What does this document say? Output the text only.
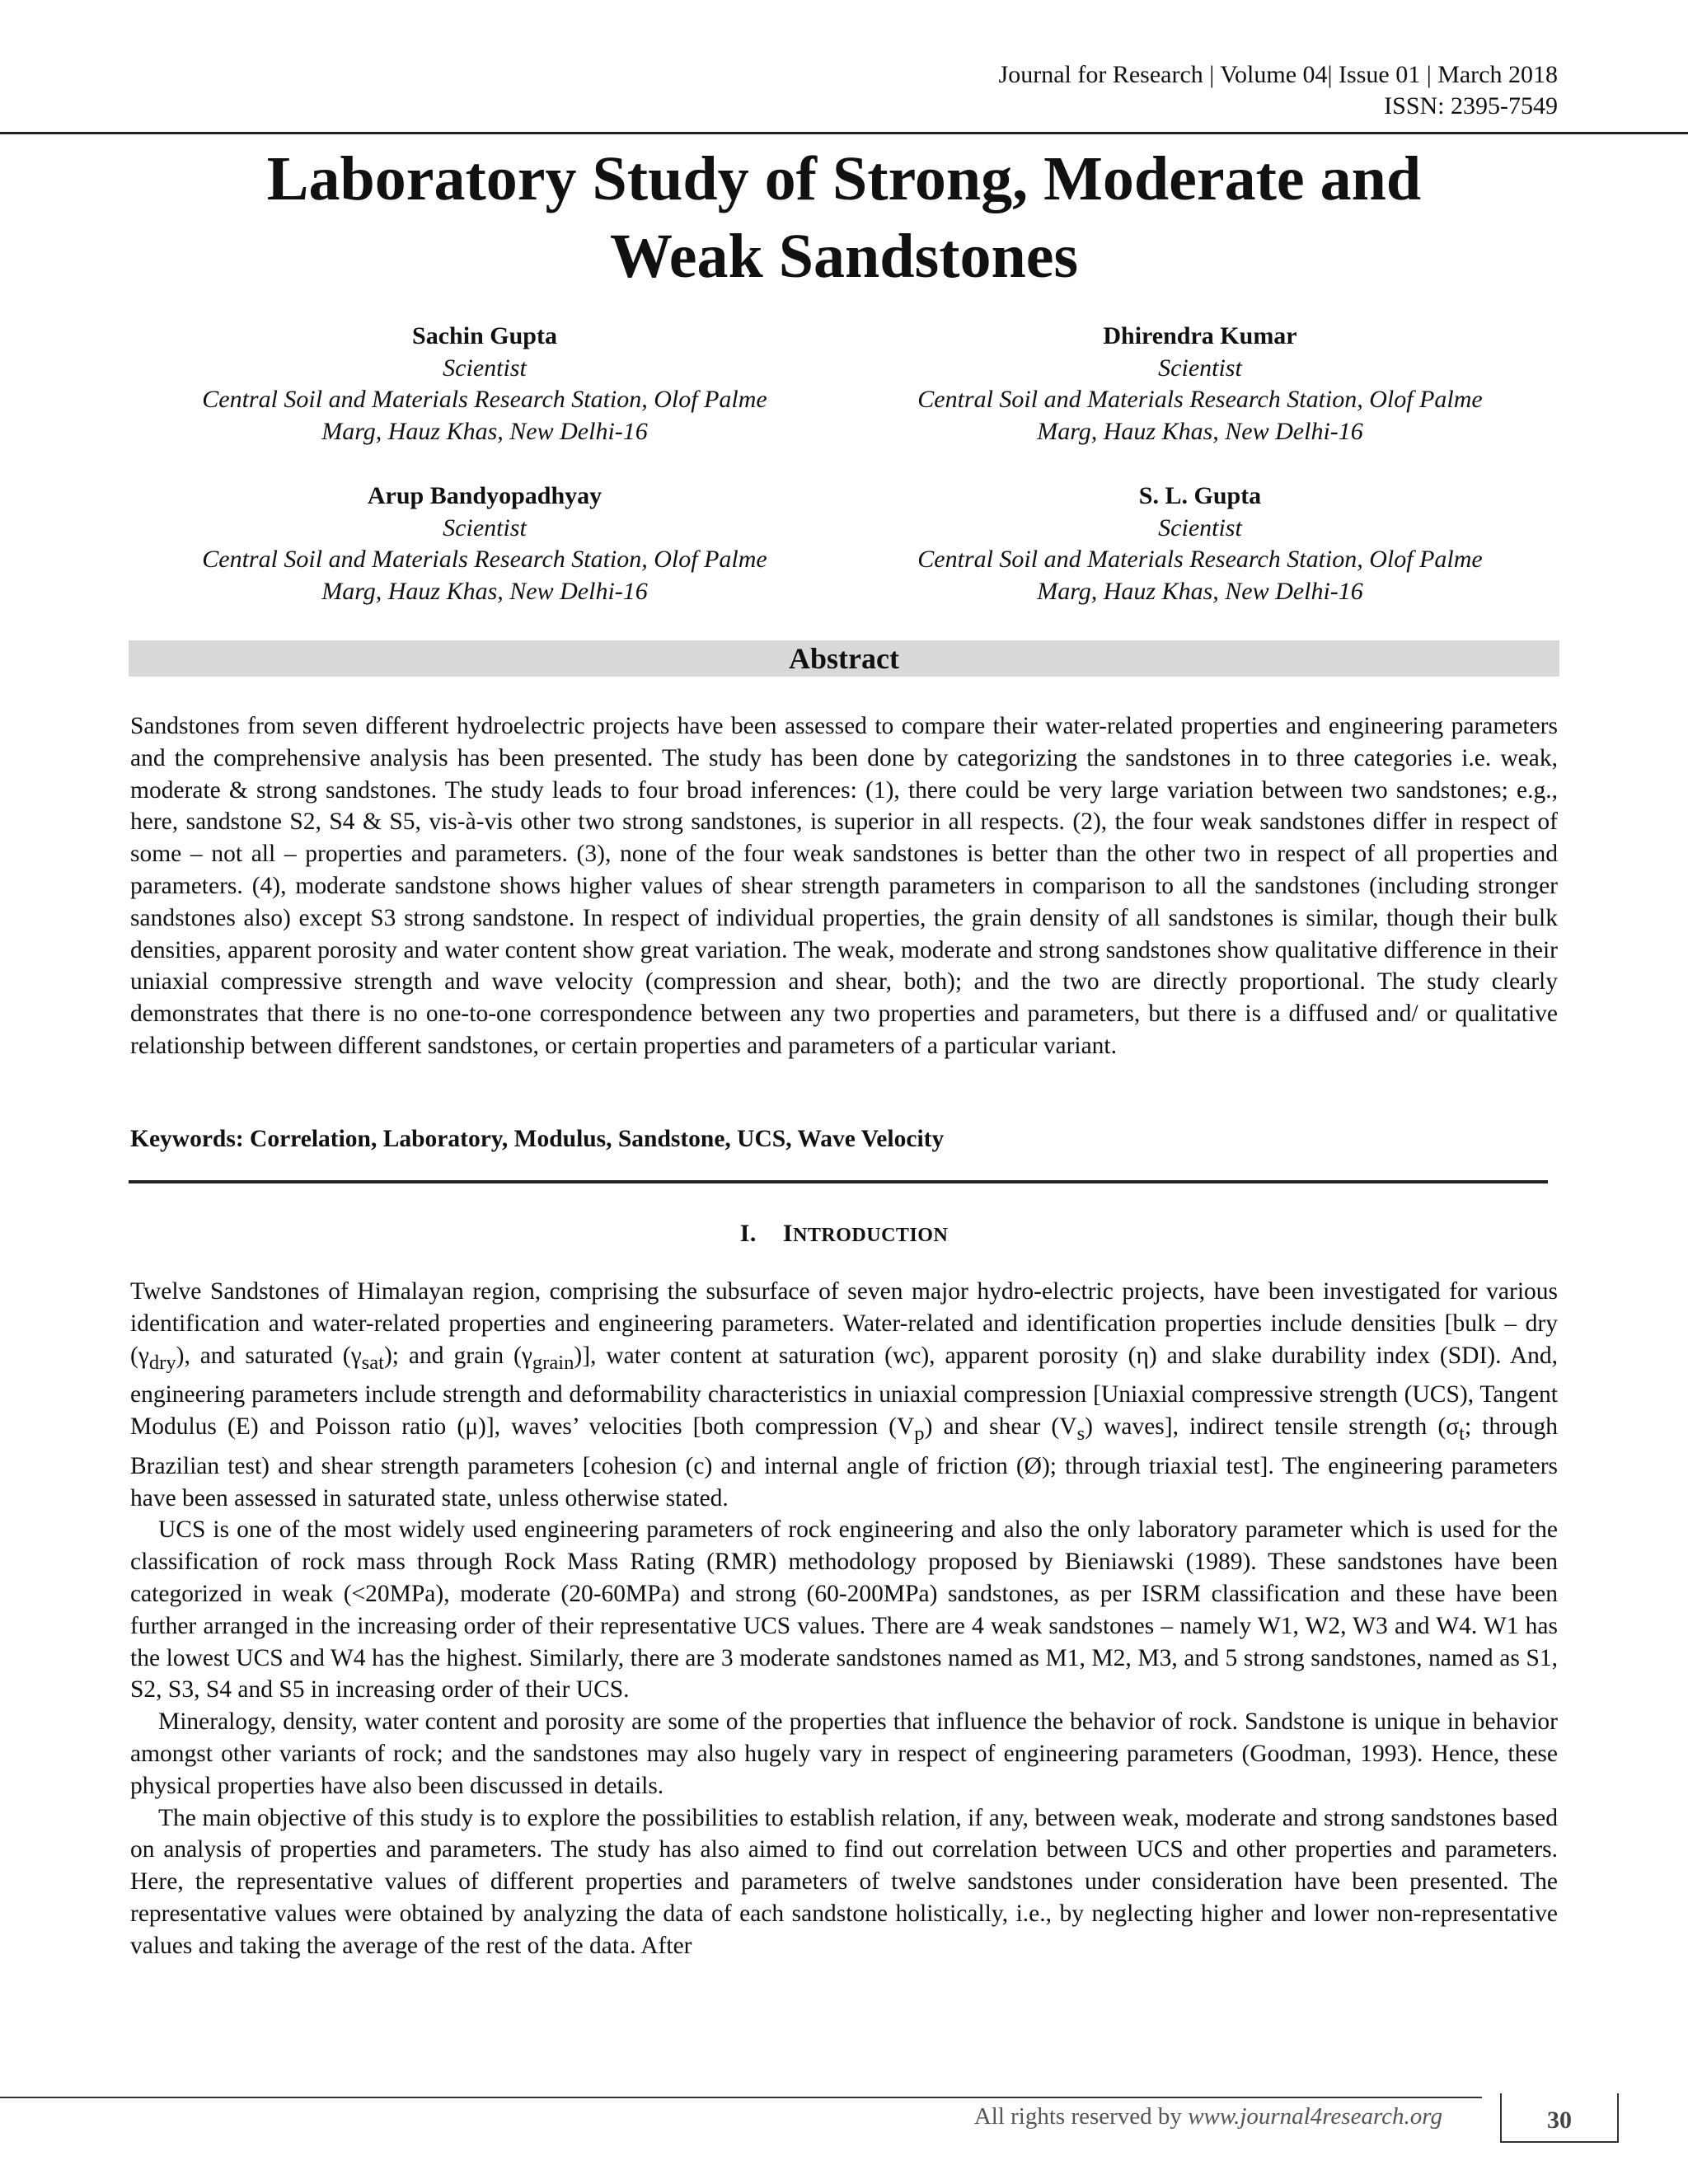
Journal for Research | Volume 04| Issue 01 | March 2018
ISSN: 2395-7549
Laboratory Study of Strong, Moderate and
Weak Sandstones
Sachin Gupta
Scientist
Central Soil and Materials Research Station, Olof Palme
Marg, Hauz Khas, New Delhi-16
Dhirendra Kumar
Scientist
Central Soil and Materials Research Station, Olof Palme
Marg, Hauz Khas, New Delhi-16
Arup Bandyopadhyay
Scientist
Central Soil and Materials Research Station, Olof Palme
Marg, Hauz Khas, New Delhi-16
S. L. Gupta
Scientist
Central Soil and Materials Research Station, Olof Palme
Marg, Hauz Khas, New Delhi-16
Abstract

Sandstones from seven different hydroelectric projects have been assessed to compare their water-related properties and engineering parameters and the comprehensive analysis has been presented. The study has been done by categorizing the sandstones in to three categories i.e. weak, moderate & strong sandstones. The study leads to four broad inferences: (1), there could be very large variation between two sandstones; e.g., here, sandstone S2, S4 & S5, vis-à-vis other two strong sandstones, is superior in all respects. (2), the four weak sandstones differ in respect of some – not all – properties and parameters. (3), none of the four weak sandstones is better than the other two in respect of all properties and parameters. (4), moderate sandstone shows higher values of shear strength parameters in comparison to all the sandstones (including stronger sandstones also) except S3 strong sandstone. In respect of individual properties, the grain density of all sandstones is similar, though their bulk densities, apparent porosity and water content show great variation. The weak, moderate and strong sandstones show qualitative difference in their uniaxial compressive strength and wave velocity (compression and shear, both); and the two are directly proportional. The study clearly demonstrates that there is no one-to-one correspondence between any two properties and parameters, but there is a diffused and/ or qualitative relationship between different sandstones, or certain properties and parameters of a particular variant.

Keywords: Correlation, Laboratory, Modulus, Sandstone, UCS, Wave Velocity
I. INTRODUCTION

Twelve Sandstones of Himalayan region, comprising the subsurface of seven major hydro-electric projects, have been investigated for various identification and water-related properties and engineering parameters. Water-related and identification properties include densities [bulk – dry $(\gamma_{dry})$, and saturated $(\gamma_{sat})$; and grain $(\gamma_{grain})$], water content at saturation (wc), apparent porosity (η) and slake durability index (SDI). And, engineering parameters include strength and deformability characteristics in uniaxial compression [Uniaxial compressive strength (UCS), Tangent Modulus (E) and Poisson ratio (μ)], waves’ velocities [both compression $(V_p)$ and shear $(V_s)$ waves], indirect tensile strength ($\sigma_t$; through Brazilian test) and shear strength parameters [cohesion (c) and internal angle of friction (Ø); through triaxial test]. The engineering parameters have been assessed in saturated state, unless otherwise stated.

UCS is one of the most widely used engineering parameters of rock engineering and also the only laboratory parameter which is used for the classification of rock mass through Rock Mass Rating (RMR) methodology proposed by Bieniawski (1989). These sandstones have been categorized in weak (<20MPa), moderate (20-60MPa) and strong (60-200MPa) sandstones, as per ISRM classification and these have been further arranged in the increasing order of their representative UCS values. There are 4 weak sandstones – namely W1, W2, W3 and W4. W1 has the lowest UCS and W4 has the highest. Similarly, there are 3 moderate sandstones named as M1, M2, M3, and 5 strong sandstones, named as S1, S2, S3, S4 and S5 in increasing order of their UCS.

Mineralogy, density, water content and porosity are some of the properties that influence the behavior of rock. Sandstone is unique in behavior amongst other variants of rock; and the sandstones may also hugely vary in respect of engineering parameters (Goodman, 1993). Hence, these physical properties have also been discussed in details.

The main objective of this study is to explore the possibilities to establish relation, if any, between weak, moderate and strong sandstones based on analysis of properties and parameters. The study has also aimed to find out correlation between UCS and other properties and parameters. Here, the representative values of different properties and parameters of twelve sandstones under consideration have been presented. The representative values were obtained by analyzing the data of each sandstone holistically, i.e., by neglecting higher and lower non-representative values and taking the average of the rest of the data. After

All rights reserved by www.journal4research.org	30
